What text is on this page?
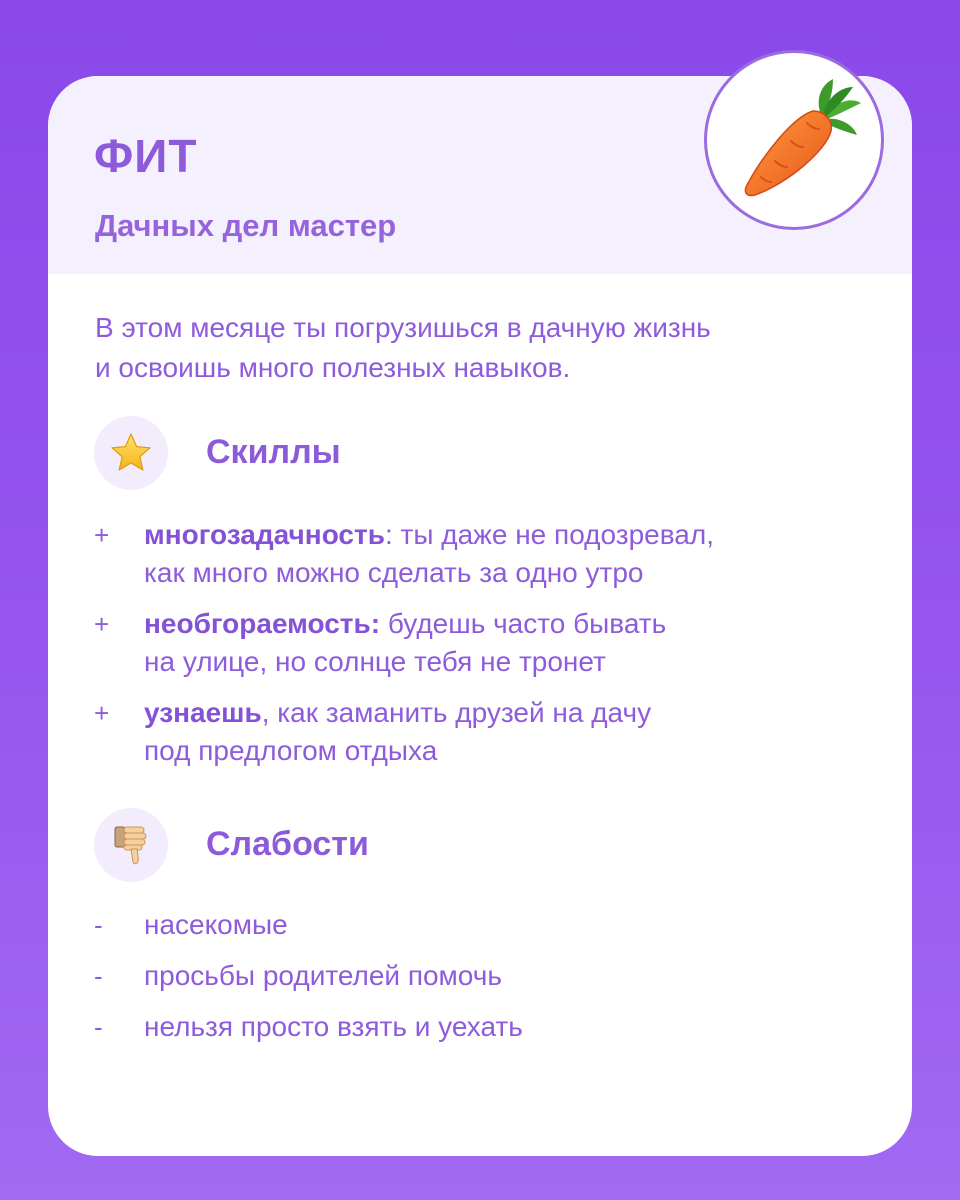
ФИТ
Дачных дел мастер

В этом месяце ты погрузишься в дачную жизнь
и освоишь много полезных навыков.

Скиллы
+ многозадачность: ты даже не подозревал,
как много можно сделать за одно утро
+ необгораемость: будешь часто бывать
на улице, но солнце тебя не тронет
+ узнаешь, как заманить друзей на дачу
под предлогом отдыха
Слабости
-	насекомые
-	просьбы родителей помочь
-	нельзя просто взять и уехать
